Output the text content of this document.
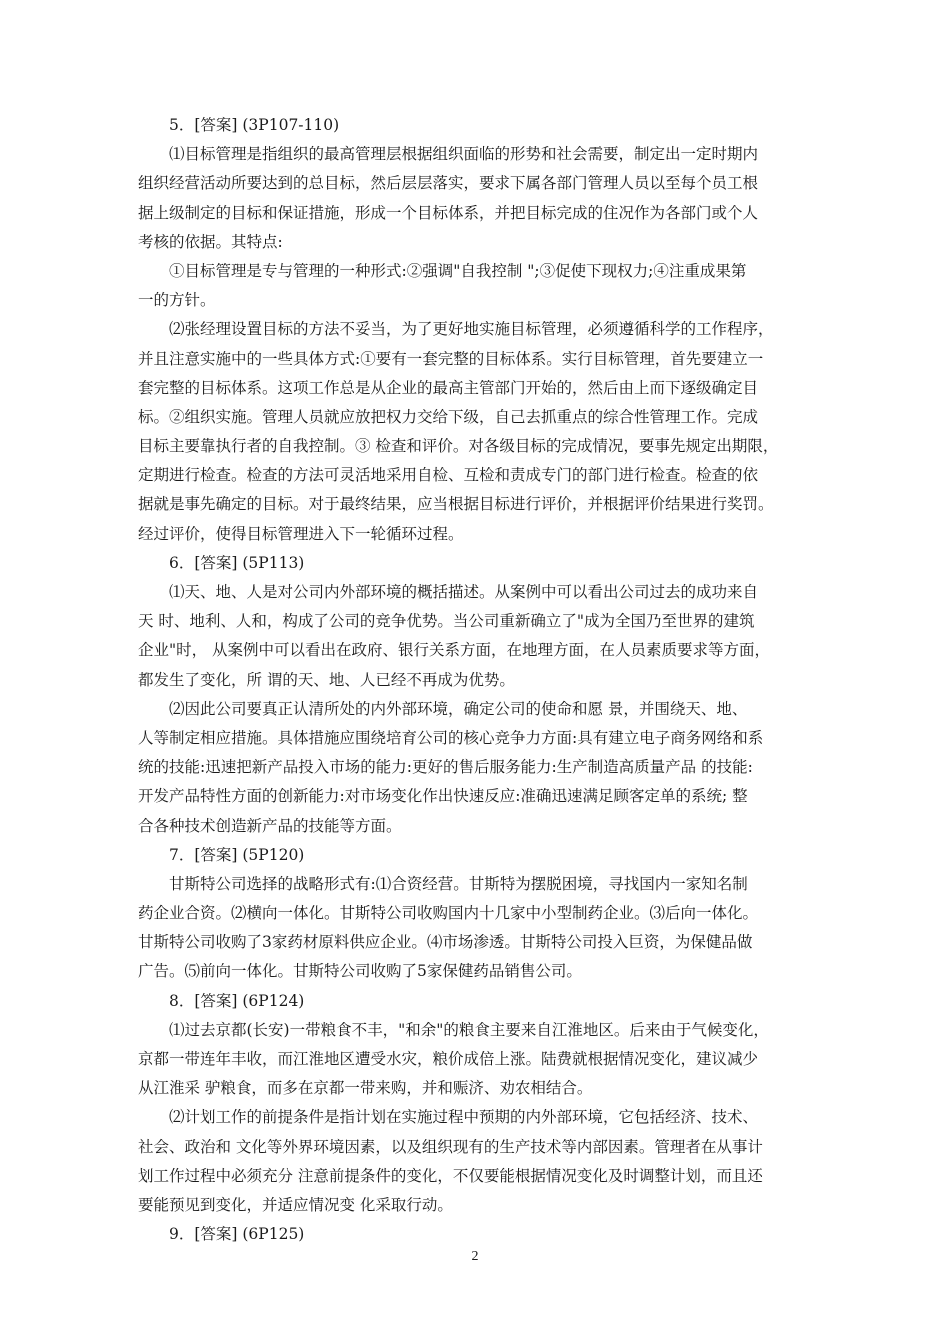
5．[答案] (3P107-110)
⑴目标管理是指组织的最高管理层根据组织面临的形势和社会需要，制定出一定时期内
组织经营活动所要达到的总目标，然后层层落实，要求下属各部门管理人员以至每个员工根
据上级制定的目标和保证措施，形成一个目标体系，并把目标完成的住况作为各部门或个人
考核的依据。其特点:
①目标管理是专与管理的一种形式:②强调"自我控制 ";③促使下现权力;④注重成果第
一的方针。
⑵张经理设置目标的方法不妥当，为了更好地实施目标管理，必须遵循科学的工作程序，
并且注意实施中的一些具体方式:①要有一套完整的目标体系。实行目标管理，首先要建立一
套完整的目标体系。这项工作总是从企业的最高主管部门开始的，然后由上而下逐级确定目
标。②组织实施。管理人员就应放把权力交给下级，自己去抓重点的综合性管理工作。完成
目标主要靠执行者的自我控制。③ 检查和评价。对各级目标的完成情况，要事先规定出期限，
定期进行检查。检查的方法可灵活地采用自检、互检和责成专门的部门进行检查。检查的依
据就是事先确定的目标。对于最终结果，应当根据目标进行评价，并根据评价结果进行奖罚。
经过评价，使得目标管理进入下一轮循环过程。
6．[答案] (5P113)
⑴天、地、人是对公司内外部环境的概括描述。从案例中可以看出公司过去的成功来自
天 时、地利、人和，构成了公司的竞争优势。当公司重新确立了"成为全国乃至世界的建筑
企业"时， 从案例中可以看出在政府、银行关系方面，在地理方面，在人员素质要求等方面，
都发生了变化，所 谓的天、地、人已经不再成为优势。
⑵因此公司要真正认清所处的内外部环境，确定公司的使命和愿 景，并围绕天、地、
人等制定相应措施。具体措施应围绕培育公司的核心竞争力方面:具有建立电子商务网络和系
统的技能:迅速把新产品投入市场的能力:更好的售后服务能力:生产制造高质量产品 的技能:
开发产品特性方面的创新能力:对市场变化作出快速反应:准确迅速满足顾客定单的系统; 整
合各种技术创造新产品的技能等方面。
7．[答案] (5P120)
甘斯特公司选择的战略形式有:⑴合资经营。甘斯特为摆脱困境，寻找国内一家知名制
药企业合资。⑵横向一体化。甘斯特公司收购国内十几家中小型制药企业。⑶后向一体化。
甘斯特公司收购了3家药材原料供应企业。⑷市场渗透。甘斯特公司投入巨资，为保健品做
广告。⑸前向一体化。甘斯特公司收购了5家保健药品销售公司。
8．[答案] (6P124)
⑴过去京都(长安)一带粮食不丰，"和余"的粮食主要来自江淮地区。后来由于气候变化，
京都一带连年丰收，而江淮地区遭受水灾，粮价成倍上涨。陆费就根据情况变化，建议减少
从江淮采 驴粮食，而多在京都一带来购，并和赈济、劝农相结合。
⑵计划工作的前提条件是指计划在实施过程中预期的内外部环境，它包括经济、技术、
社会、政治和 文化等外界环境因素，以及组织现有的生产技术等内部因素。管理者在从事计
划工作过程中必须充分 注意前提条件的变化，不仅要能根据情况变化及时调整计划，而且还
要能预见到变化，并适应情况变 化采取行动。
9．[答案] (6P125)
2
